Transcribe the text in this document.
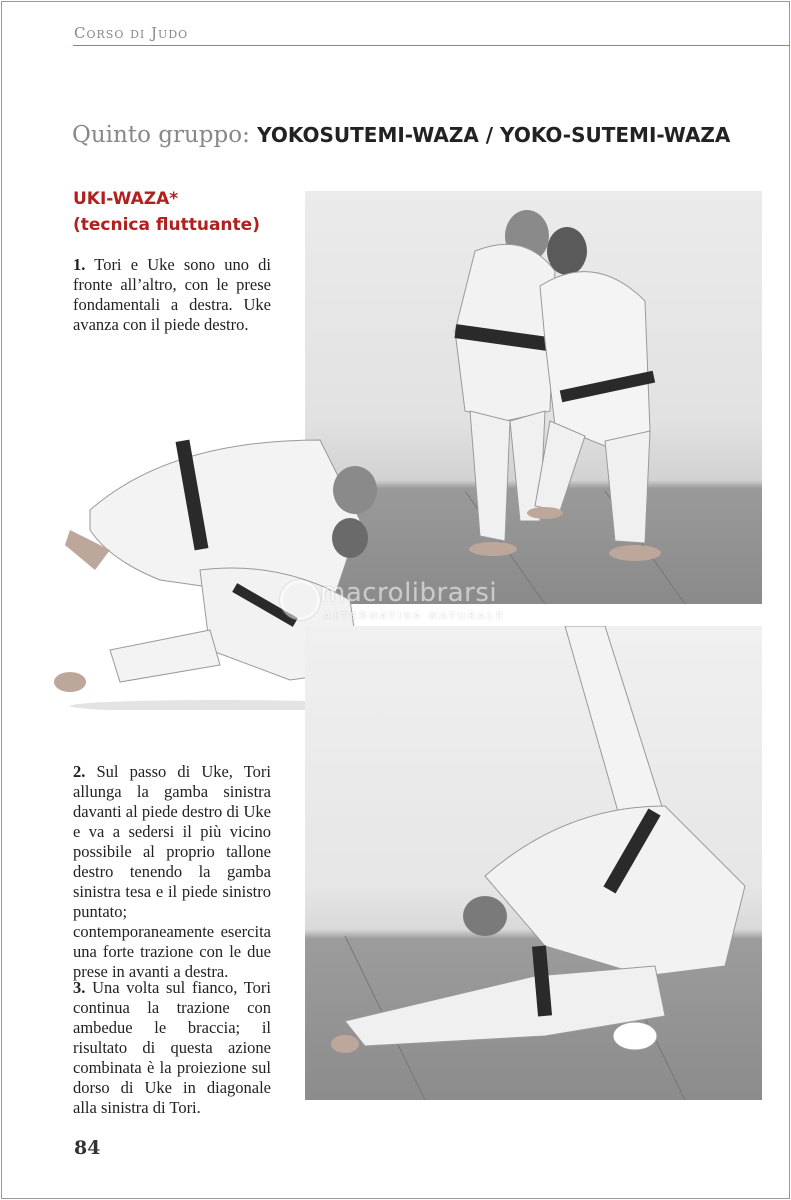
Corso di Judo
Quinto gruppo: YOKOSUTEMI-WAZA / YOKO-SUTEMI-WAZA
UKI-WAZA*
(tecnica fluttuante)
1. Tori e Uke sono uno di fronte all’altro, con le prese fondamentali a destra. Uke avanza con il piede destro.
2. Sul passo di Uke, Tori allunga la gamba sinistra davanti al piede destro di Uke e va a sedersi il più vicino possibile al proprio tallone destro tenendo la gamba sinistra tesa e il piede sinistro puntato; contemporaneamente esercita una forte trazione con le due prese in avanti a destra.
3. Una volta sul fianco, Tori continua la trazione con ambedue le braccia; il risultato di questa azione combinata è la proiezione sul dorso di Uke in diagonale alla sinistra di Tori.
macrolibrarsi
ALTERNATIVA NATURALE
84
